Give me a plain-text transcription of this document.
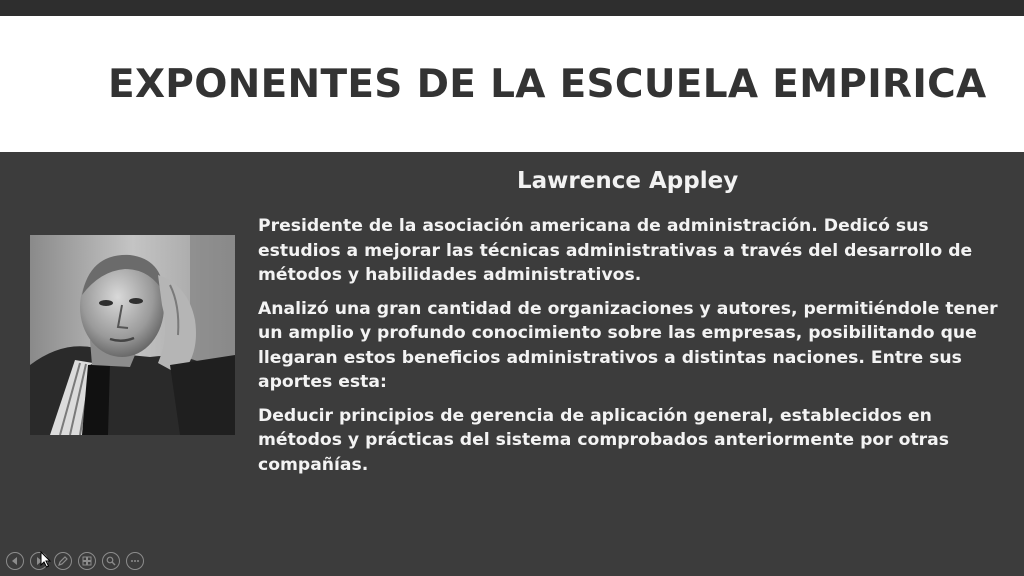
EXPONENTES DE LA ESCUELA EMPIRICA
Lawrence Appley

Presidente de la asociación americana de administración. Dedicó sus estudios a mejorar las técnicas administrativas a través del desarrollo de métodos y habilidades administrativos.

Analizó una gran cantidad de organizaciones y autores, permitiéndole tener un amplio y profundo conocimiento sobre las empresas, posibilitando que llegaran estos beneficios administrativos a distintas naciones. Entre sus aportes esta:

Deducir principios de gerencia de aplicación general, establecidos en métodos y prácticas del sistema comprobados anteriormente por otras compañías.
